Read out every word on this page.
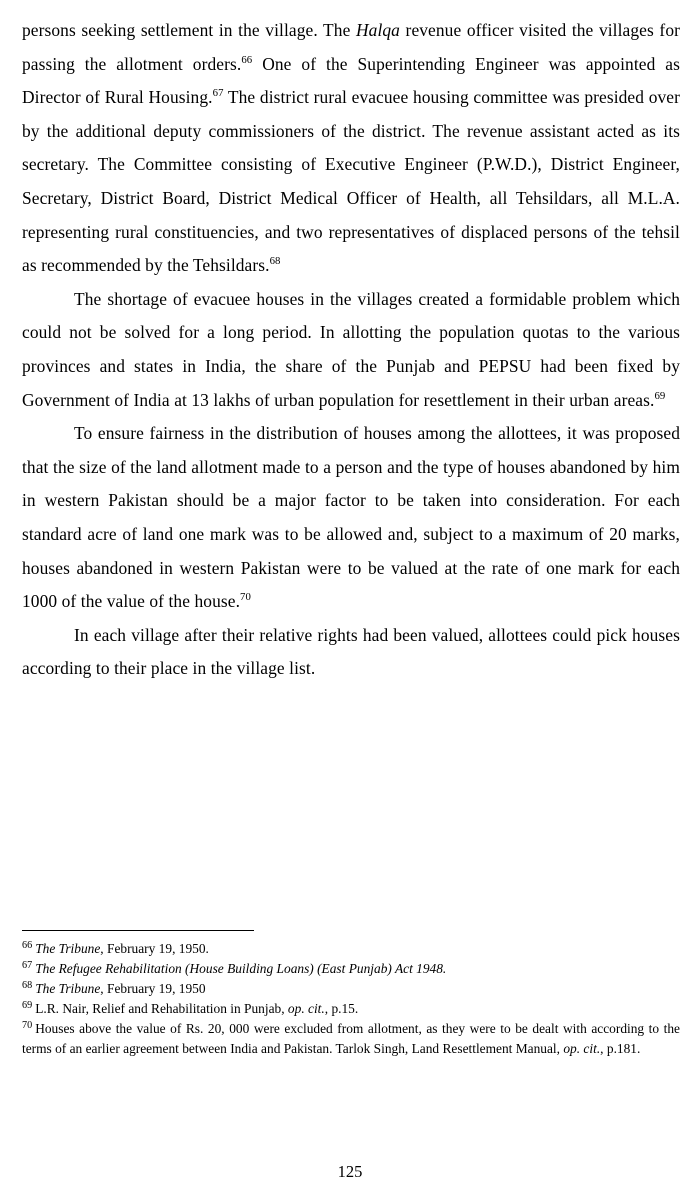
persons seeking settlement in the village. The Halqa revenue officer visited the villages for passing the allotment orders.$^{66}$ One of the Superintending Engineer was appointed as Director of Rural Housing.$^{67}$ The district rural evacuee housing committee was presided over by the additional deputy commissioners of the district. The revenue assistant acted as its secretary. The Committee consisting of Executive Engineer (P.W.D.), District Engineer, Secretary, District Board, District Medical Officer of Health, all Tehsildars, all M.L.A. representing rural constituencies, and two representatives of displaced persons of the tehsil as recommended by the Tehsildars.$^{68}$

The shortage of evacuee houses in the villages created a formidable problem which could not be solved for a long period. In allotting the population quotas to the various provinces and states in India, the share of the Punjab and PEPSU had been fixed by Government of India at 13 lakhs of urban population for resettlement in their urban areas.$^{69}$

To ensure fairness in the distribution of houses among the allottees, it was proposed that the size of the land allotment made to a person and the type of houses abandoned by him in western Pakistan should be a major factor to be taken into consideration. For each standard acre of land one mark was to be allowed and, subject to a maximum of 20 marks, houses abandoned in western Pakistan were to be valued at the rate of one mark for each 1000 of the value of the house.$^{70}$

In each village after their relative rights had been valued, allottees could pick houses according to their place in the village list.

$^{66}$ The Tribune, February 19, 1950.
$^{67}$ The Refugee Rehabilitation (House Building Loans) (East Punjab) Act 1948.
$^{68}$ The Tribune, February 19, 1950
$^{69}$ L.R. Nair, Relief and Rehabilitation in Punjab, op. cit., p.15.
$^{70}$ Houses above the value of Rs. 20, 000 were excluded from allotment, as they were to be dealt with according to the terms of an earlier agreement between India and Pakistan. Tarlok Singh, Land Resettlement Manual, op. cit., p.181.
125
